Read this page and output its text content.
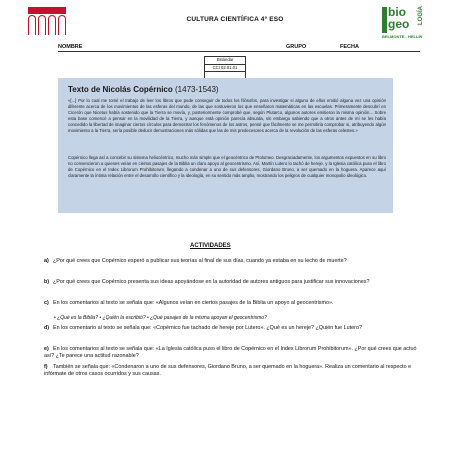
CULTURA CIENTÍFICA 4º ESO
bio
geo LOGÍA
BELMONTE - HELLÍN
NOMBRE	GRUPO	FECHA
Estándar
CCI 02.01.01
Texto de Nicolás Copérnico (1473-1543)

«[...] Por lo cual me tomé el trabajo de leer los libros que pude conseguir de todos los filósofos, para investigar si alguno de ellos emitió alguna vez una opinión diferente acerca de los movimientos de las esferas del mundo, de las que sostuvieron los que enseñaron matemáticas en las escuelas. Primeramente descubrí en Cicerón que Nicetus había sostenido que la Tierra se movía, y, posteriormente comprobé que, según Plutarco, algunos autores emitieron la misma opinión... Sobre esta base comencé a pensar en la movilidad de la Tierra, y aunque está opinión parecía absurda, sin embargo sabiendo que a otros antes de mí se les había concedido la libertad de imaginar ciertos círculos para demostrar los fenómenos de los astros, pensé que fácilmente se me permitiría comprobar si, atribuyendo algún movimiento a la Tierra, sería posible deducir demostraciones más sólidas que las de mis predecesores acerca de la revolución de las esferas celestes.»

Copérnico llega así a concebir su sistema heliocéntrico, mucho más simple que el geocéntrico de Ptolomeo. Desgraciadamente, los argumentos expuestos en su libro no convencieron a quienes veían en ciertos pasajes de la Biblia un claro apoyo al geocentrismo. Así, Martín Lutero lo tachó de hereje, y la Iglesia católica puso el libro de Copérnico en el Index Librorum Prohibitorum, llegando a condenar a uno de sus defensores, Giordano Bruno, a ser quemado en la hoguera. Aparece aquí claramente la íntima relación entre el desarrollo científico y la ideología, en su sentido más amplio, mostrando los peligros de cualquier monopolio ideológico.

ACTIVIDADES
a) ¿Por qué crees que Copérnico esperó a publicar sus teorías al final de sus días, cuando ya estaba en su lecho de muerte?
b) ¿Por qué crees que Copérnico presenta sus ideas apoyándose en la autoridad de autores antiguos para justificar sus innovaciones?
c) En los comentarios al texto se señala que: «Algunos veían en ciertos pasajes de la Biblia un apoyo al geocentrismo».
• ¿Qué es la Biblia? • ¿Quién la escribió? • ¿Qué pasajes de la misma apoyan el geocentrismo?
d) En los comentario al texto se señala que: «Copérnico fue tachado de hereje por Lutero». ¿Qué es un hereje? ¿Quién fue Lutero?
e) En los comentarios al texto se señala que: «La Iglesia católica puso el libro de Copérnico en el Index Librorum Prohibitorum». ¿Por qué crees que actuó así? ¿Te parece una actitud razonable?
f) También se señala que: «Condenaron a uno de sus defensores, Giordano Bruno, a ser quemado en la hoguera». Realiza un comentario al respecto e infórmate de otros casos ocurridos y sus causas.
